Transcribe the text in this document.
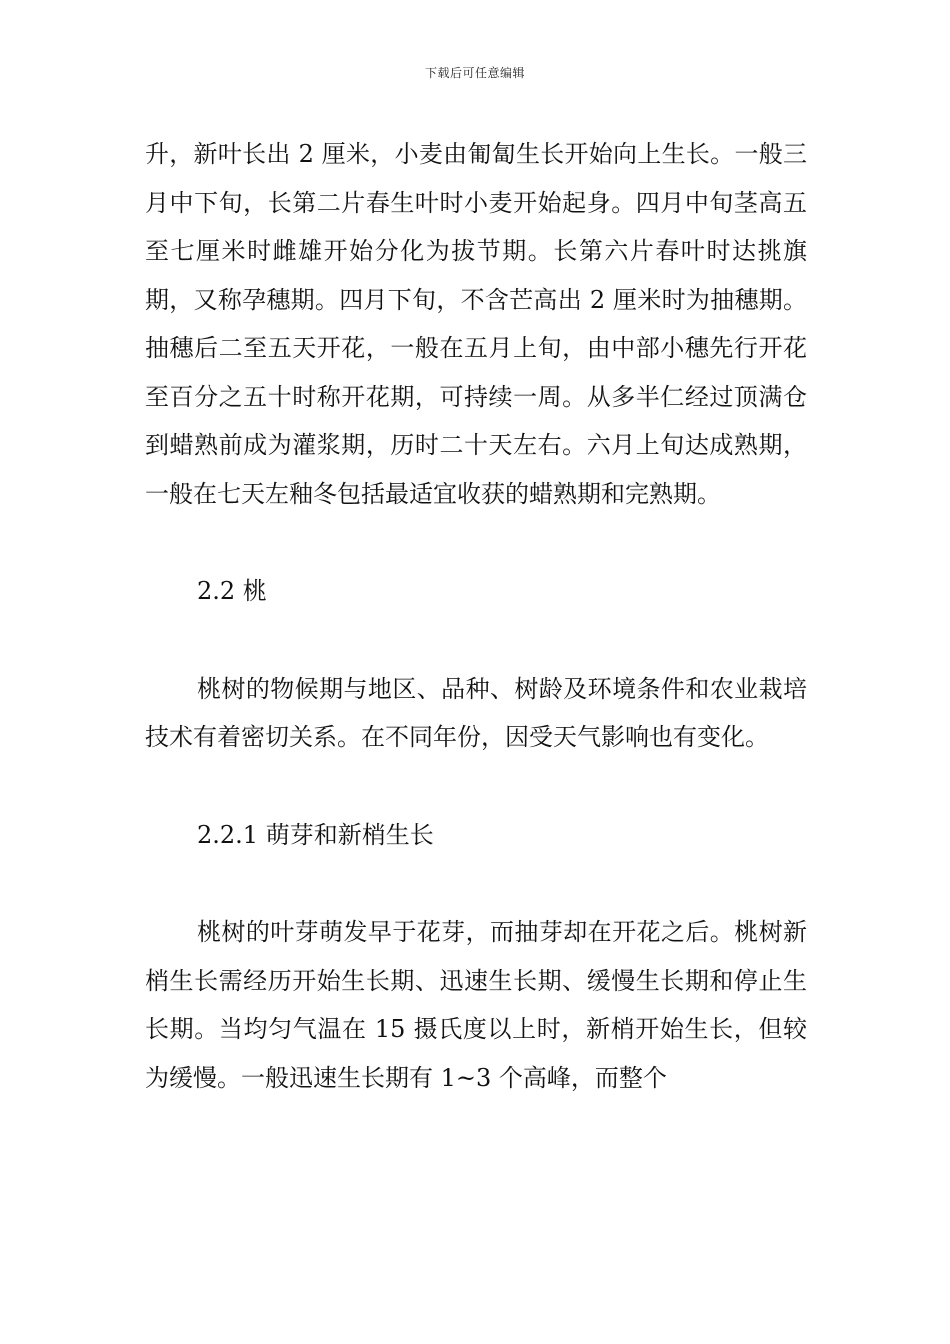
下载后可任意编辑

升，新叶长出 2 厘米，小麦由匍匐生长开始向上生长。一般三月中下旬，长第二片春生叶时小麦开始起身。四月中旬茎高五至七厘米时雌雄开始分化为拔节期。长第六片春叶时达挑旗期，又称孕穗期。四月下旬，不含芒高出 2 厘米时为抽穗期。抽穗后二至五天开花，一般在五月上旬，由中部小穗先行开花至百分之五十时称开花期，可持续一周。从多半仁经过顶满仓到蜡熟前成为灌浆期，历时二十天左右。六月上旬达成熟期，一般在七天左釉冬包括最适宜收获的蜡熟期和完熟期。

2.2 桃

桃树的物候期与地区、品种、树龄及环境条件和农业栽培技术有着密切关系。在不同年份，因受天气影响也有变化。

2.2.1 萌芽和新梢生长

桃树的叶芽萌发早于花芽，而抽芽却在开花之后。桃树新梢生长需经历开始生长期、迅速生长期、缓慢生长期和停止生长期。当均匀气温在 15 摄氏度以上时，新梢开始生长，但较为缓慢。一般迅速生长期有 1~3 个高峰，而整个
